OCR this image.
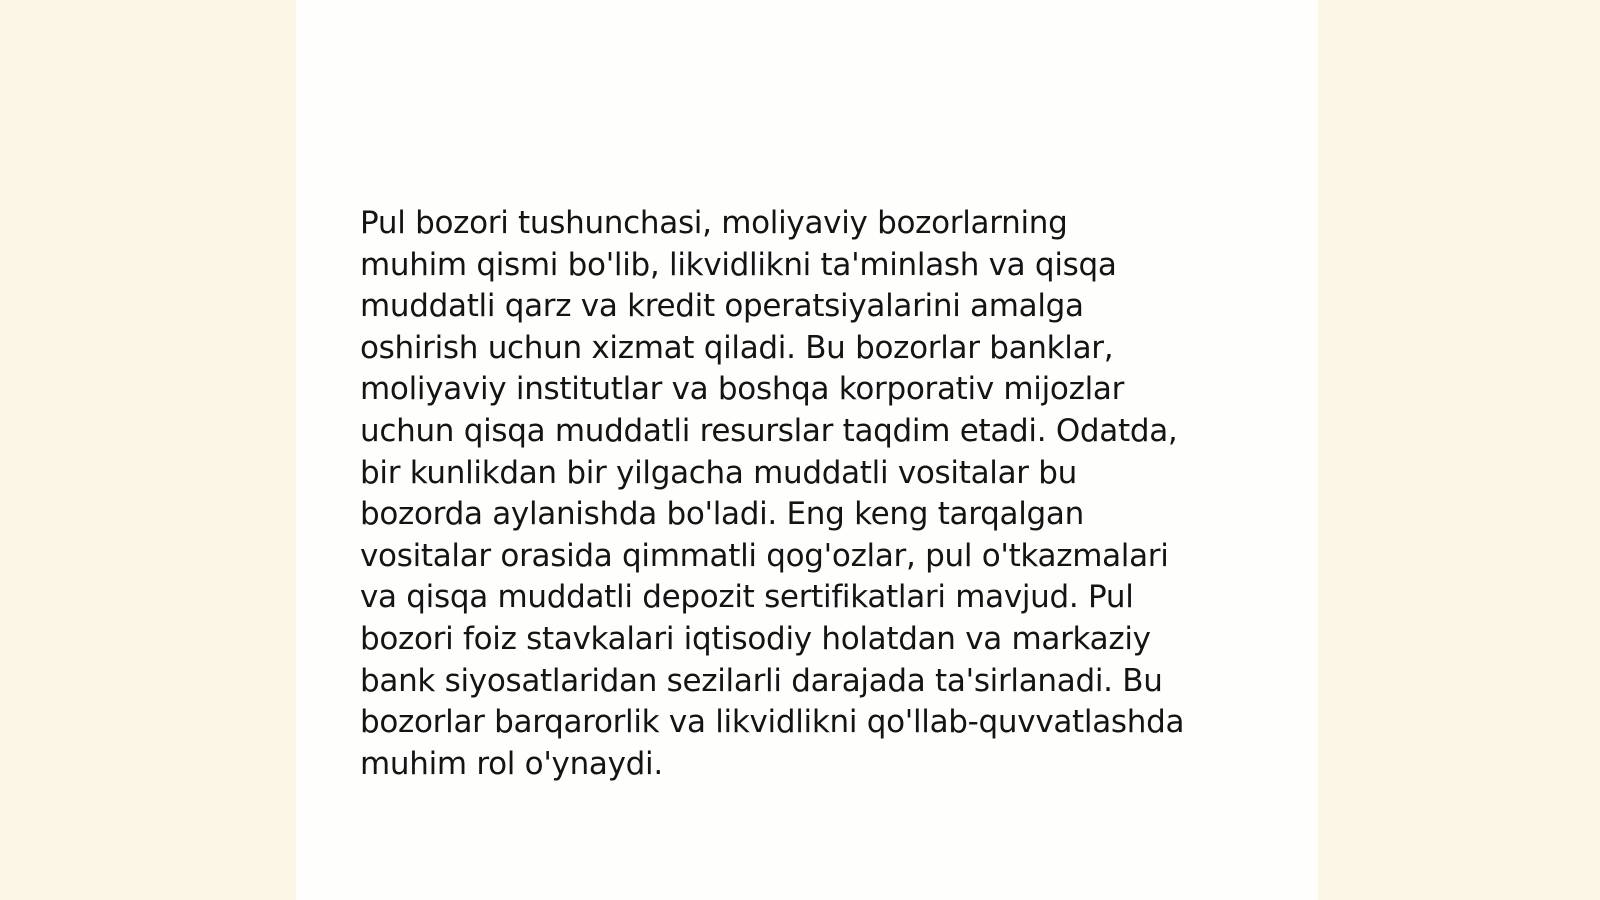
Pul bozori tushunchasi, moliyaviy bozorlarning
muhim qismi bo'lib, likvidlikni ta'minlash va qisqa
muddatli qarz va kredit operatsiyalarini amalga
oshirish uchun xizmat qiladi. Bu bozorlar banklar,
moliyaviy institutlar va boshqa korporativ mijozlar
uchun qisqa muddatli resurslar taqdim etadi. Odatda,
bir kunlikdan bir yilgacha muddatli vositalar bu
bozorda aylanishda bo'ladi. Eng keng tarqalgan
vositalar orasida qimmatli qog'ozlar, pul o'tkazmalari
va qisqa muddatli depozit sertifikatlari mavjud. Pul
bozori foiz stavkalari iqtisodiy holatdan va markaziy
bank siyosatlaridan sezilarli darajada ta'sirlanadi. Bu
bozorlar barqarorlik va likvidlikni qo'llab-quvvatlashda
muhim rol o'ynaydi.
